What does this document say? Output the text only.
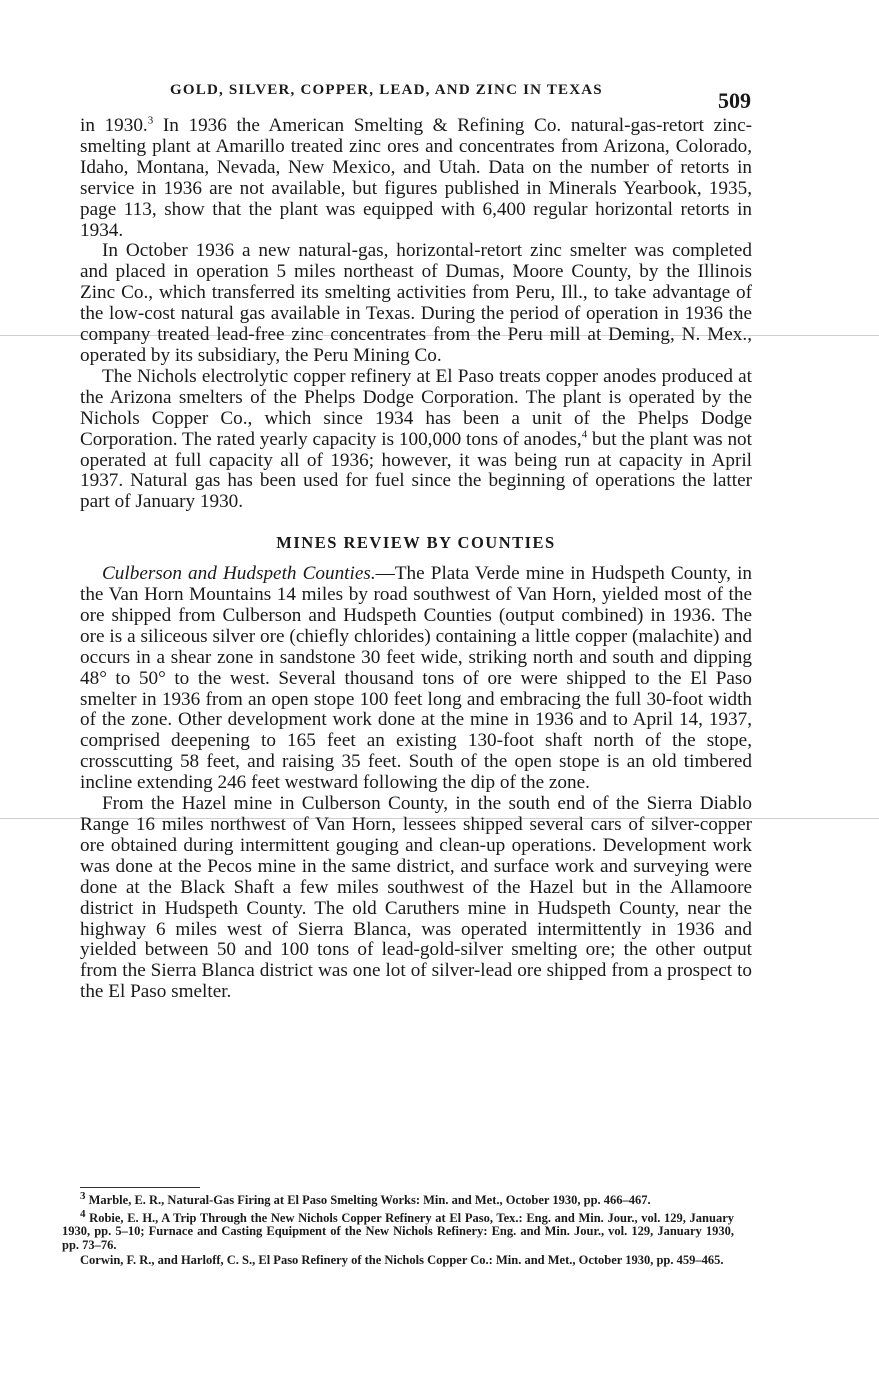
GOLD, SILVER, COPPER, LEAD, AND ZINC IN TEXAS	509

in 1930.$^3$ In 1936 the American Smelting & Refining Co. natural-gas-retort zinc-smelting plant at Amarillo treated zinc ores and concentrates from Arizona, Colorado, Idaho, Montana, Nevada, New Mexico, and Utah. Data on the number of retorts in service in 1936 are not available, but figures published in Minerals Yearbook, 1935, page 113, show that the plant was equipped with 6,400 regular horizontal retorts in 1934.

In October 1936 a new natural-gas, horizontal-retort zinc smelter was completed and placed in operation 5 miles northeast of Dumas, Moore County, by the Illinois Zinc Co., which transferred its smelting activities from Peru, Ill., to take advantage of the low-cost natural gas available in Texas. During the period of operation in 1936 the company treated lead-free zinc concentrates from the Peru mill at Deming, N. Mex., operated by its subsidiary, the Peru Mining Co.

The Nichols electrolytic copper refinery at El Paso treats copper anodes produced at the Arizona smelters of the Phelps Dodge Corporation. The plant is operated by the Nichols Copper Co., which since 1934 has been a unit of the Phelps Dodge Corporation. The rated yearly capacity is 100,000 tons of anodes,$^4$ but the plant was not operated at full capacity all of 1936; however, it was being run at capacity in April 1937. Natural gas has been used for fuel since the beginning of operations the latter part of January 1930.

MINES REVIEW BY COUNTIES

Culberson and Hudspeth Counties.—The Plata Verde mine in Hudspeth County, in the Van Horn Mountains 14 miles by road southwest of Van Horn, yielded most of the ore shipped from Culberson and Hudspeth Counties (output combined) in 1936. The ore is a siliceous silver ore (chiefly chlorides) containing a little copper (malachite) and occurs in a shear zone in sandstone 30 feet wide, striking north and south and dipping 48° to 50° to the west. Several thousand tons of ore were shipped to the El Paso smelter in 1936 from an open stope 100 feet long and embracing the full 30-foot width of the zone. Other development work done at the mine in 1936 and to April 14, 1937, comprised deepening to 165 feet an existing 130-foot shaft north of the stope, crosscutting 58 feet, and raising 35 feet. South of the open stope is an old timbered incline extending 246 feet westward following the dip of the zone.

From the Hazel mine in Culberson County, in the south end of the Sierra Diablo Range 16 miles northwest of Van Horn, lessees shipped several cars of silver-copper ore obtained during intermittent gouging and clean-up operations. Development work was done at the Pecos mine in the same district, and surface work and surveying were done at the Black Shaft a few miles southwest of the Hazel but in the Allamoore district in Hudspeth County. The old Caruthers mine in Hudspeth County, near the highway 6 miles west of Sierra Blanca, was operated intermittently in 1936 and yielded between 50 and 100 tons of lead-gold-silver smelting ore; the other output from the Sierra Blanca district was one lot of silver-lead ore shipped from a prospect to the El Paso smelter.

$^3$ Marble, E. R., Natural-Gas Firing at El Paso Smelting Works: Min. and Met., October 1930, pp. 466–467.

$^4$ Robie, E. H., A Trip Through the New Nichols Copper Refinery at El Paso, Tex.: Eng. and Min. Jour., vol. 129, January 1930, pp. 5–10; Furnace and Casting Equipment of the New Nichols Refinery: Eng. and Min. Jour., vol. 129, January 1930, pp. 73–76.

Corwin, F. R., and Harloff, C. S., El Paso Refinery of the Nichols Copper Co.: Min. and Met., October 1930, pp. 459–465.
